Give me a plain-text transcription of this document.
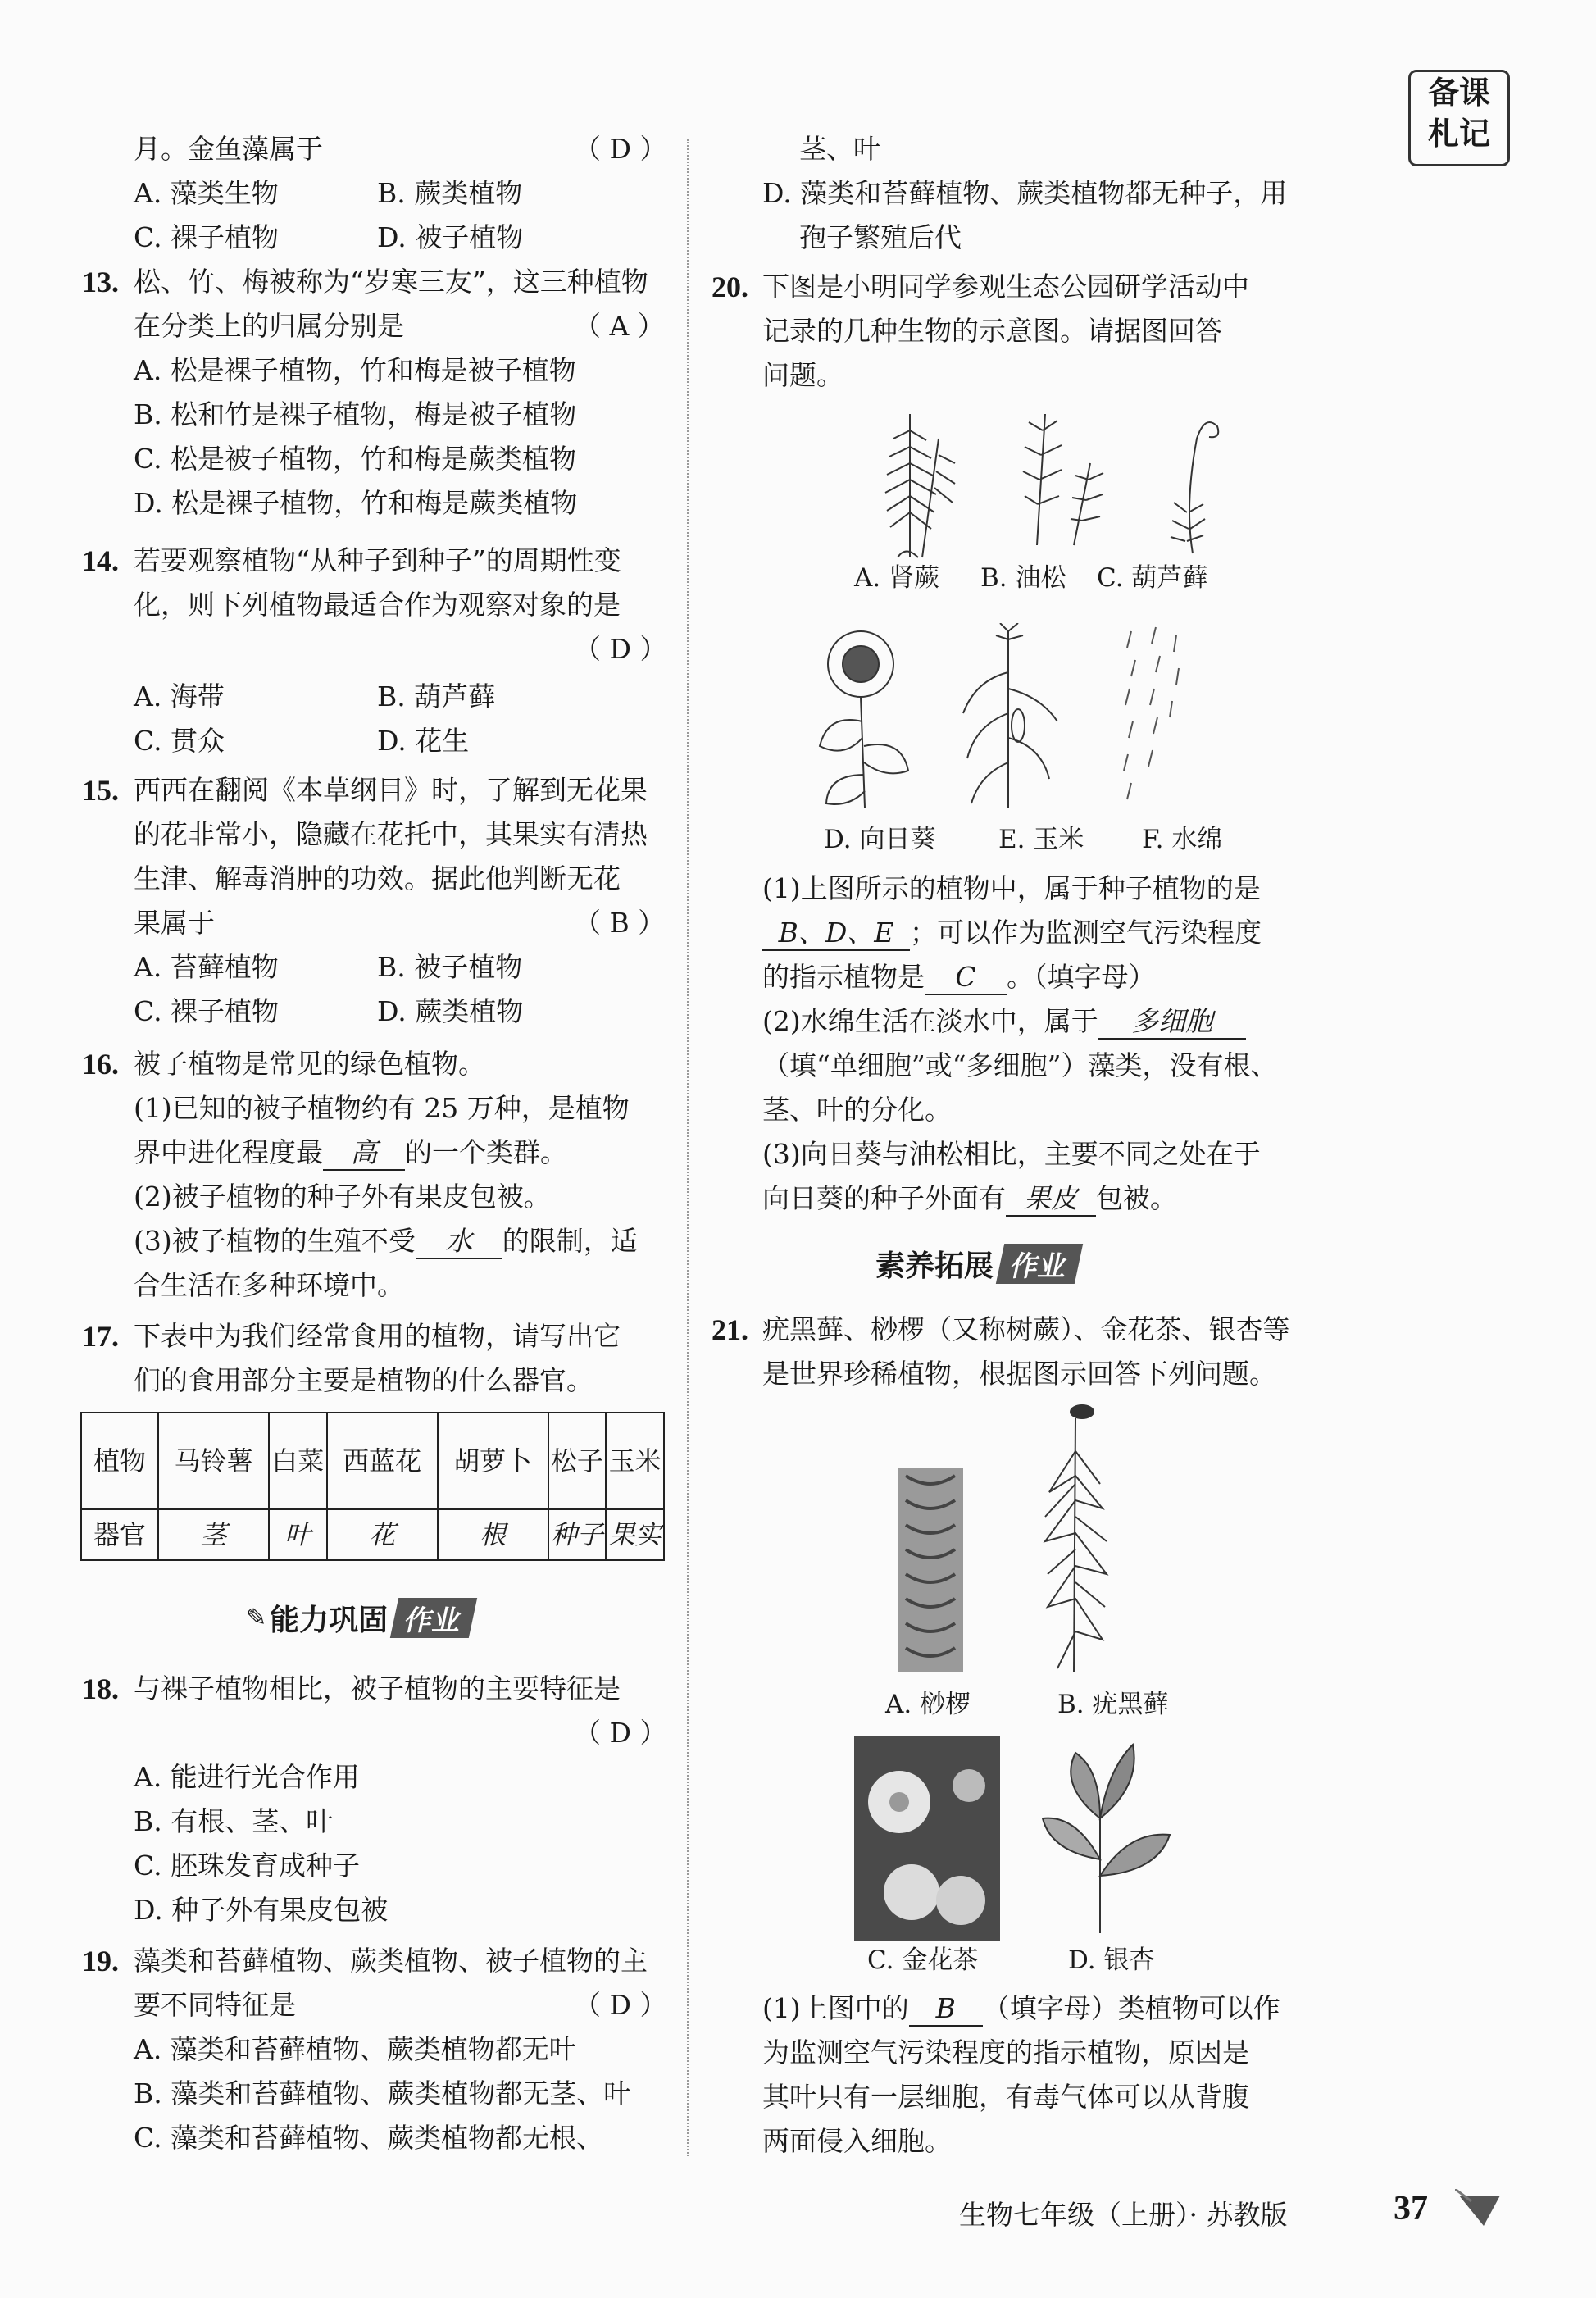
备课
札记
月。金鱼藻属于	（ D ）
A. 藻类生物	B. 蕨类植物
C. 裸子植物	D. 被子植物
13. 松、竹、梅被称为“岁寒三友”，这三种植物
在分类上的归属分别是	（ A ）
A. 松是裸子植物，竹和梅是被子植物
B. 松和竹是裸子植物，梅是被子植物
C. 松是被子植物，竹和梅是蕨类植物
D. 松是裸子植物，竹和梅是蕨类植物
14. 若要观察植物“从种子到种子”的周期性变
化，则下列植物最适合作为观察对象的是
（ D ）
A. 海带	B. 葫芦藓
C. 贯众	D. 花生
15. 西西在翻阅《本草纲目》时，了解到无花果
的花非常小，隐藏在花托中，其果实有清热
生津、解毒消肿的功效。据此他判断无花
果属于	（ B ）
A. 苔藓植物	B. 被子植物
C. 裸子植物	D. 蕨类植物
16. 被子植物是常见的绿色植物。
(1)已知的被子植物约有 25 万种，是植物
界中进化程度最 高 的一个类群。
(2)被子植物的种子外有果皮包被。
(3)被子植物的生殖不受 水 的限制，适
合生活在多种环境中。
17. 下表中为我们经常食用的植物，请写出它
们的食用部分主要是植物的什么器官。
植物	马铃薯	白菜	西蓝花	胡萝卜	松子	玉米
器官	茎	叶	花	根	种子	果实
✎ 能力巩固 作业
18. 与裸子植物相比，被子植物的主要特征是
（ D ）
A. 能进行光合作用
B. 有根、茎、叶
C. 胚珠发育成种子
D. 种子外有果皮包被
19. 藻类和苔藓植物、蕨类植物、被子植物的主
要不同特征是	（ D ）
A. 藻类和苔藓植物、蕨类植物都无叶
B. 藻类和苔藓植物、蕨类植物都无茎、叶
C. 藻类和苔藓植物、蕨类植物都无根、
茎、叶
D. 藻类和苔藓植物、蕨类植物都无种子，用
孢子繁殖后代
20. 下图是小明同学参观生态公园研学活动中
记录的几种生物的示意图。请据图回答
问题。
A. 肾蕨 B. 油松 C. 葫芦藓
D. 向日葵 E. 玉米 F. 水绵
(1)上图所示的植物中，属于种子植物的是
B、D、E ；可以作为监测空气污染程度
的指示植物是 C 。（填字母）
(2)水绵生活在淡水中，属于 多细胞
（填“单细胞”或“多细胞”）藻类，没有根、
茎、叶的分化。
(3)向日葵与油松相比，主要不同之处在于
向日葵的种子外面有 果皮 包被。
素养拓展 作业
21. 疣黑藓、桫椤（又称树蕨）、金花茶、银杏等
是世界珍稀植物，根据图示回答下列问题。
A. 桫椤	B. 疣黑藓
C. 金花茶	D. 银杏
(1)上图中的 B （填字母）类植物可以作
为监测空气污染程度的指示植物，原因是
其叶只有一层细胞，有毒气体可以从背腹
两面侵入细胞。
生物七年级（上册）· 苏教版	37
